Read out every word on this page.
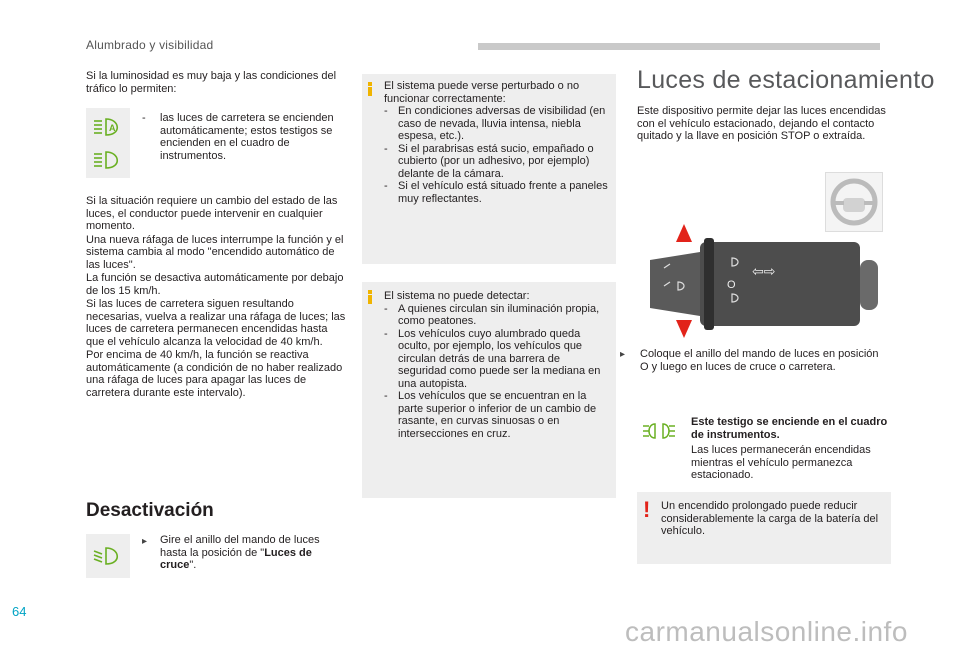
Alumbrado y visibilidad

Si la luminosidad es muy baja y las condiciones del tráfico lo permiten:

A
- las luces de carretera se encienden automáticamente; estos testigos se encienden en el cuadro de instrumentos.

Si la situación requiere un cambio del estado de las luces, el conductor puede intervenir en cualquier momento.

Una nueva ráfaga de luces interrumpe la función y el sistema cambia al modo "encendido automático de las luces".

La función se desactiva automáticamente por debajo de los 15 km/h.

Si las luces de carretera siguen resultando necesarias, vuelva a realizar una ráfaga de luces; las luces de carretera permanecen encendidas hasta que el vehículo alcanza la velocidad de 40 km/h.

Por encima de 40 km/h, la función se reactiva automáticamente (a condición de no haber realizado una ráfaga de luces para apagar las luces de carretera durante este intervalo).

Desactivación
▸ Gire el anillo del mando de luces hasta la posición de "Luces de cruce".

El sistema puede verse perturbado o no funcionar correctamente:

- En condiciones adversas de visibilidad (en caso de nevada, lluvia intensa, niebla espesa, etc.).
- Si el parabrisas está sucio, empañado o cubierto (por un adhesivo, por ejemplo) delante de la cámara.
- Si el vehículo está situado frente a paneles muy reflectantes.

El sistema no puede detectar:

- A quienes circulan sin iluminación propia, como peatones.
- Los vehículos cuyo alumbrado queda oculto, por ejemplo, los vehículos que circulan detrás de una barrera de seguridad como puede ser la mediana en una autopista.
- Los vehículos que se encuentran en la parte superior o inferior de un cambio de rasante, en curvas sinuosas o en intersecciones en cruz.
Luces de estacionamiento

Este dispositivo permite dejar las luces encendidas con el vehículo estacionado, dejando el contacto quitado y la llave en posición STOP o extraída.

O
⇦⇨
▸ Coloque el anillo del mando de luces en posición O y luego en luces de cruce o carretera.

Este testigo se enciende en el cuadro de instrumentos.

Las luces permanecerán encendidas mientras el vehículo permanezca estacionado.

! Un encendido prolongado puede reducir considerablemente la carga de la batería del vehículo.

64
carmanualsonline.info
